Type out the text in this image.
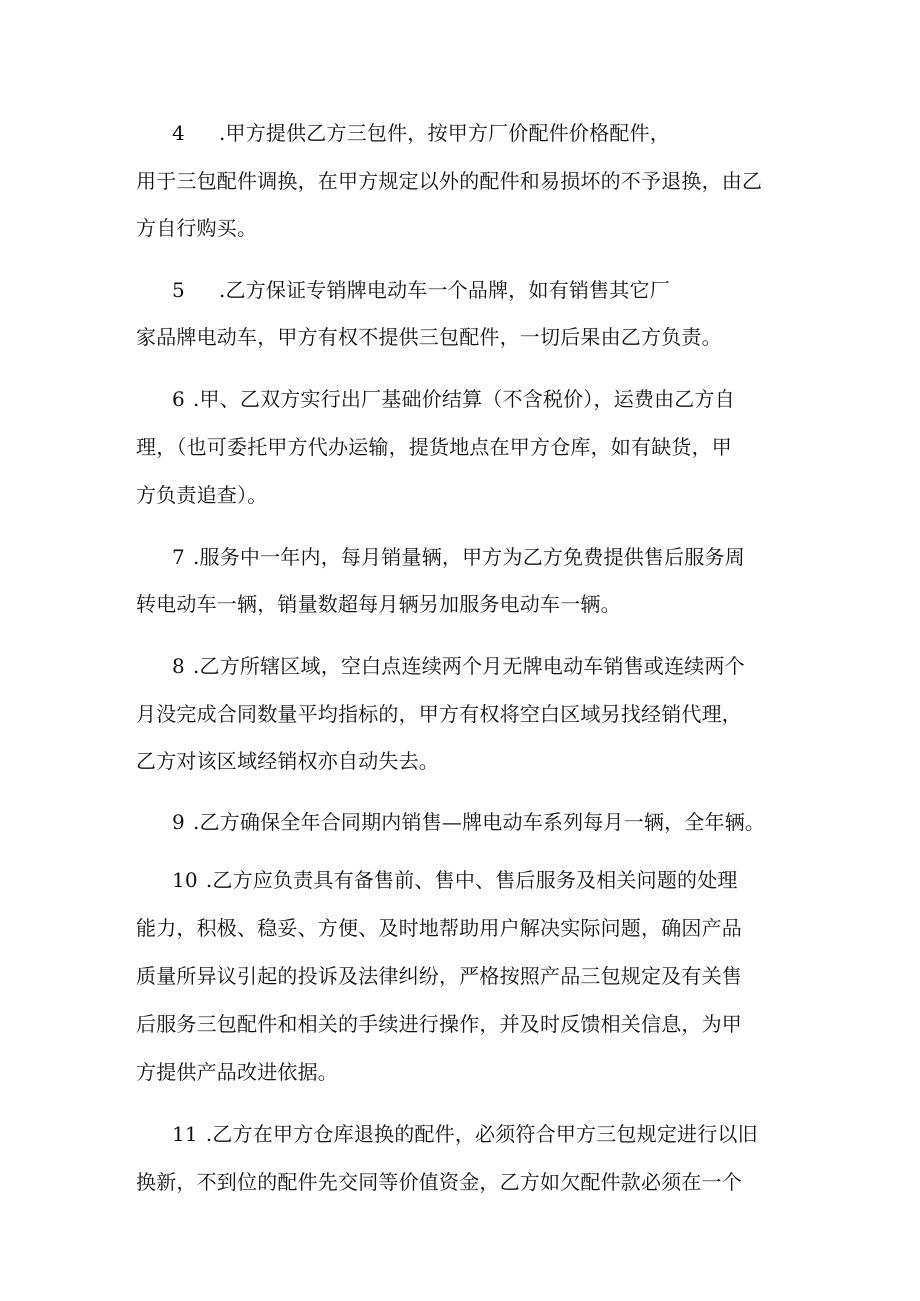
4 .甲方提供乙方三包件，按甲方厂价配件价格配件，
用于三包配件调换，在甲方规定以外的配件和易损坏的不予退换，由乙
方自行购买。
5 .乙方保证专销牌电动车一个品牌，如有销售其它厂
家品牌电动车，甲方有权不提供三包配件，一切后果由乙方负责。
6 .甲、乙双方实行出厂基础价结算（不含税价），运费由乙方自
理，（也可委托甲方代办运输，提货地点在甲方仓库，如有缺货，甲
方负责追查）。
7 .服务中一年内，每月销量辆，甲方为乙方免费提供售后服务周
转电动车一辆，销量数超每月辆另加服务电动车一辆。
8 .乙方所辖区域，空白点连续两个月无牌电动车销售或连续两个
月没完成合同数量平均指标的，甲方有权将空白区域另找经销代理，
乙方对该区域经销权亦自动失去。
9 .乙方确保全年合同期内销售—牌电动车系列每月一辆，全年辆。
10 .乙方应负责具有备售前、售中、售后服务及相关问题的处理
能力，积极、稳妥、方便、及时地帮助用户解决实际问题，确因产品
质量所异议引起的投诉及法律纠纷，严格按照产品三包规定及有关售
后服务三包配件和相关的手续进行操作，并及时反馈相关信息，为甲
方提供产品改进依据。
11 .乙方在甲方仓库退换的配件，必须符合甲方三包规定进行以旧
换新，不到位的配件先交同等价值资金，乙方如欠配件款必须在一个
